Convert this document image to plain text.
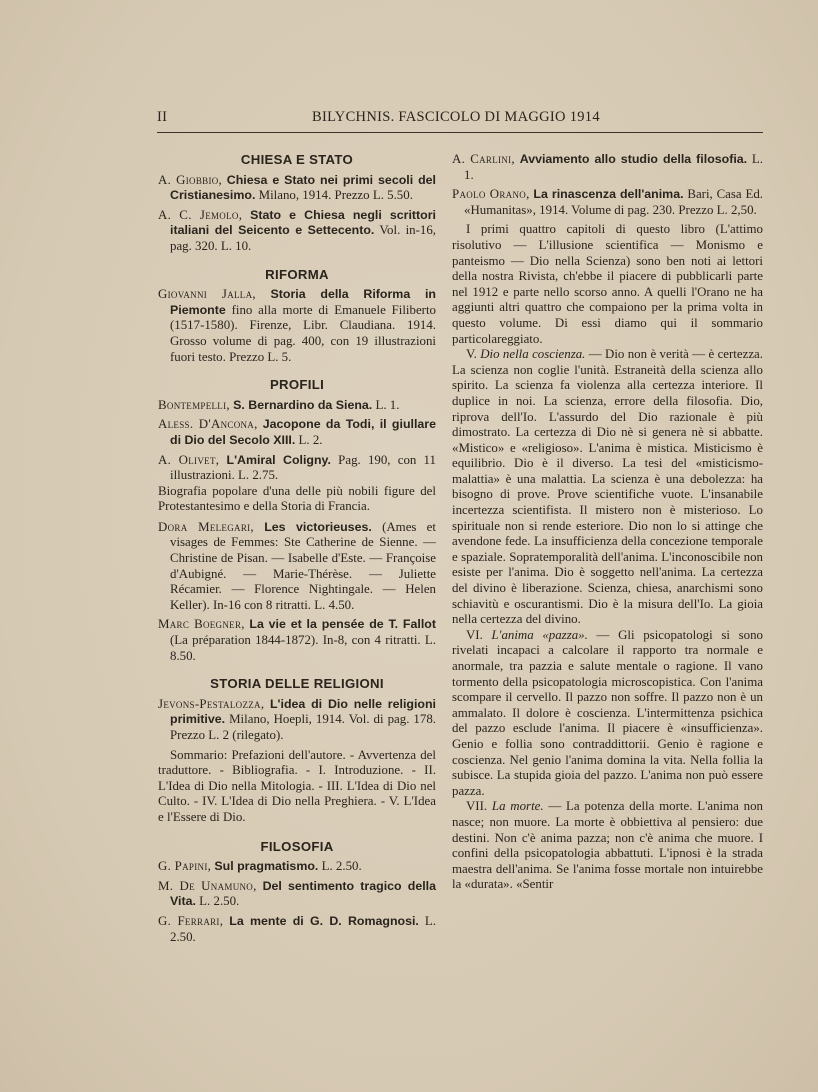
II	BILYCHNIS. FASCICOLO DI MAGGIO 1914
CHIESA E STATO
A. Giobbio, Chiesa e Stato nei primi secoli del Cristianesimo. Milano, 1914. Prezzo L. 5.50.
A. C. Jemolo, Stato e Chiesa negli scrittori italiani del Seicento e Settecento. Vol. in-16, pag. 320. L. 10.
RIFORMA
Giovanni Jalla, Storia della Riforma in Piemonte fino alla morte di Emanuele Filiberto (1517-1580). Firenze, Libr. Claudiana. 1914. Grosso volume di pag. 400, con 19 illustrazioni fuori testo. Prezzo L. 5.
PROFILI
Bontempelli, S. Bernardino da Siena. L. 1.
Aless. D'Ancona, Jacopone da Todi, il giullare di Dio del Secolo XIII. L. 2.
A. Olivet, L'Amiral Coligny. Pag. 190, con 11 illustrazioni. L. 2.75.
Biografia popolare d'una delle più nobili figure del Protestantesimo e della Storia di Francia.
Dora Melegari, Les victorieuses. (Ames et visages de Femmes: Ste Catherine de Sienne. — Christine de Pisan. — Isabelle d'Este. — Françoise d'Aubigné. — Marie-Thérèse. — Juliette Récamier. — Florence Nightingale. — Helen Keller). In-16 con 8 ritratti. L. 4.50.
Marc Boegner, La vie et la pensée de T. Fallot (La préparation 1844-1872). In-8, con 4 ritratti. L. 8.50.
STORIA DELLE RELIGIONI
Jevons-Pestalozza, L'idea di Dio nelle religioni primitive. Milano, Hoepli, 1914. Vol. di pag. 178. Prezzo L. 2 (rilegato).
Sommario: Prefazioni dell'autore. - Avvertenza del traduttore. - Bibliografia. - I. Introduzione. - II. L'Idea di Dio nella Mitologia. - III. L'Idea di Dio nel Culto. - IV. L'Idea di Dio nella Preghiera. - V. L'Idea e l'Essere di Dio.
FILOSOFIA
G. Papini, Sul pragmatismo. L. 2.50.
M. De Unamuno, Del sentimento tragico della Vita. L. 2.50.
G. Ferrari, La mente di G. D. Romagnosi. L. 2.50.
A. Carlini, Avviamento allo studio della filosofia. L. 1.
Paolo Orano, La rinascenza dell'anima. Bari, Casa Ed. «Humanitas», 1914. Volume di pag. 230. Prezzo L. 2,50.

I primi quattro capitoli di questo libro (L'attimo risolutivo — L'illusione scientifica — Monismo e panteismo — Dio nella Scienza) sono ben noti ai lettori della nostra Rivista, ch'ebbe il piacere di pubblicarli parte nel 1912 e parte nello scorso anno. A quelli l'Orano ne ha aggiunti altri quattro che compaiono per la prima volta in questo volume. Di essi diamo qui il sommario particolareggiato.

V. Dio nella coscienza. — Dio non è verità — è certezza. La scienza non coglie l'unità. Estraneità della scienza allo spirito. La scienza fa violenza alla certezza interiore. Il duplice in noi. La scienza, errore della filosofia. Dio, riprova dell'Io. L'assurdo del Dio razionale è più dimostrato. La certezza di Dio nè si genera nè si abbatte. «Mistico» e «religioso». L'anima è mistica. Misticismo è equilibrio. Dio è il diverso. La tesi del «misticismo-malattia» è una malattia. La scienza è una debolezza: ha bisogno di prove. Prove scientifiche vuote. L'insanabile incertezza scientifista. Il mistero non è misterioso. Lo spirituale non si rende esteriore. Dio non lo si attinge che avendone fede. La insufficienza della concezione temporale e spaziale. Sopratemporalità dell'anima. L'inconoscibile non esiste per l'anima. Dio è soggetto nell'anima. La certezza del divino è liberazione. Scienza, chiesa, anarchismi sono schiavitù e oscurantismi. Dio è la misura dell'Io. La gioia nella certezza del divino.

VI. L'anima «pazza». — Gli psicopatologi si sono rivelati incapaci a calcolare il rapporto tra normale e anormale, tra pazzia e salute mentale o ragione. Il vano tormento della psicopatologia microscopistica. Con l'anima scompare il cervello. Il pazzo non soffre. Il pazzo non è un ammalato. Il dolore è coscienza. L'intermittenza psichica del pazzo esclude l'anima. Il piacere è «insufficienza». Genio e follia sono contraddittorii. Genio è ragione e coscienza. Nel genio l'anima domina la vita. Nella follia la subisce. La stupida gioia del pazzo. L'anima non può essere pazza.

VII. La morte. — La potenza della morte. L'anima non nasce; non muore. La morte è obbiettiva al pensiero: due destini. Non c'è anima pazza; non c'è anima che muore. I confini della psicopatologia abbattuti. L'ipnosi è la strada maestra dell'anima. Se l'anima fosse mortale non intuirebbe la «durata». «Sentir
